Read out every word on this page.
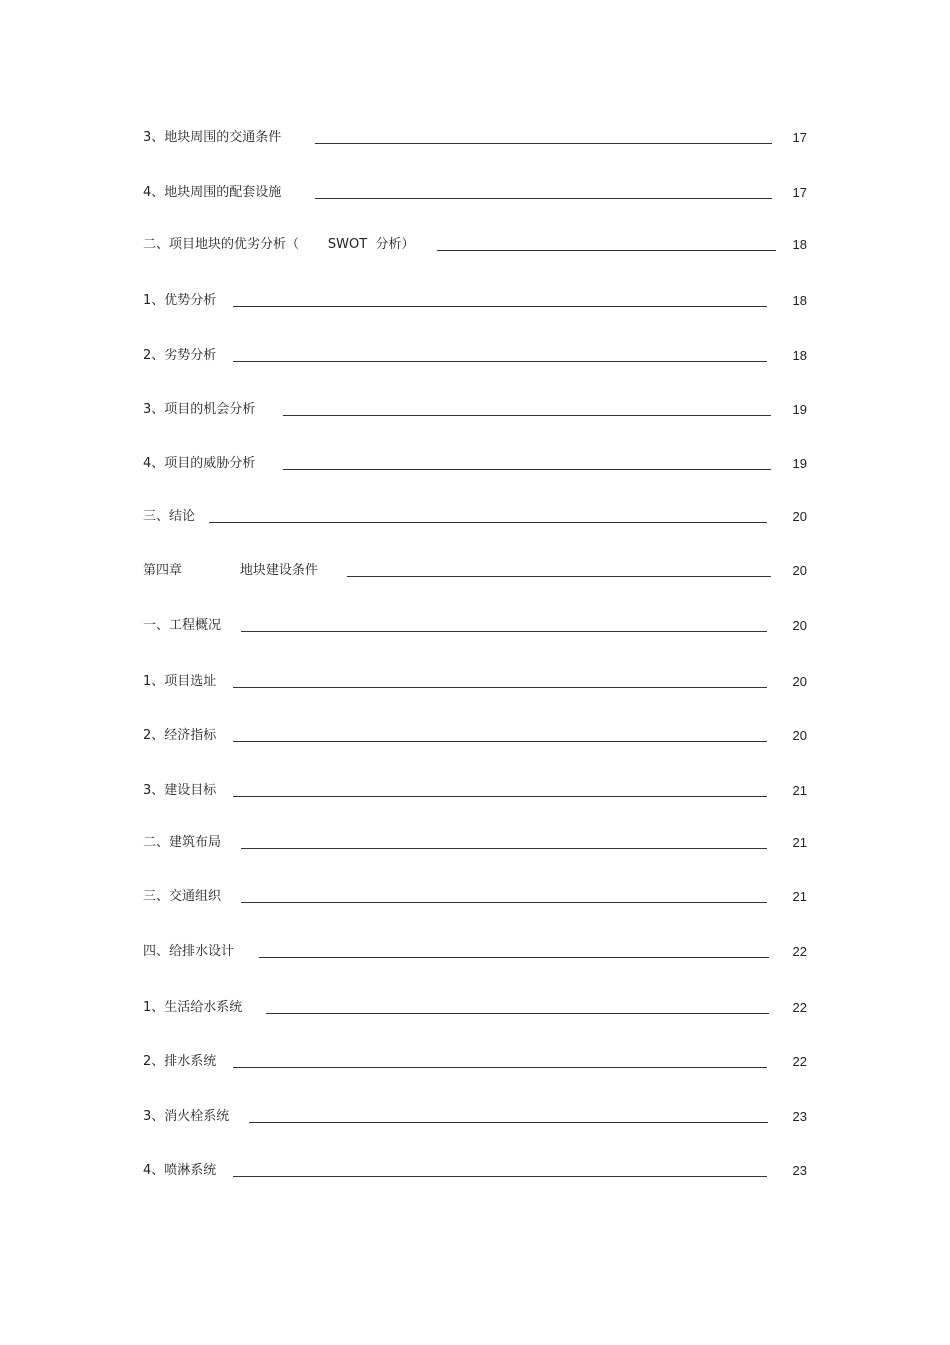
3、地块周围的交通条件	17
4、地块周围的配套设施	17
二、项目地块的优劣分析（       SWOT  分析）	18
1、优势分析	18
2、劣势分析	18
3、项目的机会分析	19
4、项目的威胁分析	19
三、结论	20
第四章              地块建设条件	20
一、工程概况	20
1、项目选址	20
2、经济指标	20
3、建设目标	21
二、建筑布局	21
三、交通组织	21
四、给排水设计	22
1、生活给水系统	22
2、排水系统	22
3、消火栓系统	23
4、喷淋系统	23
